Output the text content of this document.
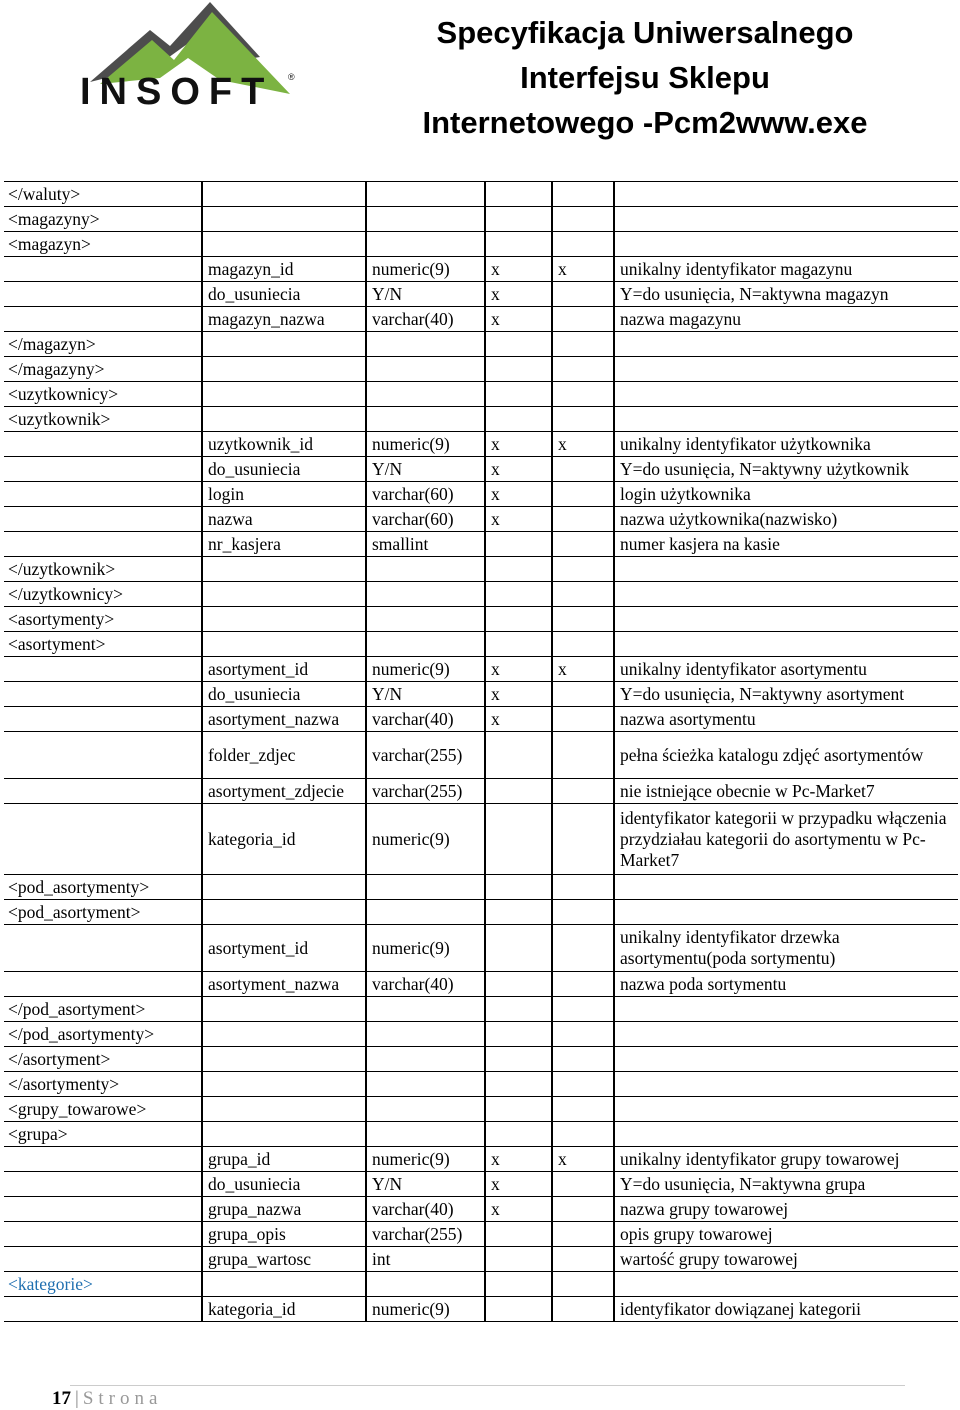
INSOFT ®
Specyfikacja Uniwersalnego
Interfejsu Sklepu
Internetowego -Pcm2www.exe
</waluty>					
<magazyny>					
<magazyn>					
	magazyn_id	numeric(9)	x	x	unikalny identyfikator magazynu
	do_usuniecia	Y/N	x		Y=do usunięcia, N=aktywna magazyn
	magazyn_nazwa	varchar(40)	x		nazwa magazynu
</magazyn>					
</magazyny>					
<uzytkownicy>					
<uzytkownik>					
	uzytkownik_id	numeric(9)	x	x	unikalny identyfikator użytkownika
	do_usuniecia	Y/N	x		Y=do usunięcia, N=aktywny użytkownik
	login	varchar(60)	x		login użytkownika
	nazwa	varchar(60)	x		nazwa użytkownika(nazwisko)
	nr_kasjera	smallint			numer kasjera na kasie
</uzytkownik>					
</uzytkownicy>					
<asortymenty>					
<asortyment>					
	asortyment_id	numeric(9)	x	x	unikalny identyfikator asortymentu
	do_usuniecia	Y/N	x		Y=do usunięcia, N=aktywny asortyment
	asortyment_nazwa	varchar(40)	x		nazwa asortymentu
	folder_zdjec	varchar(255)			pełna ścieżka katalogu zdjęć asortymentów
	asortyment_zdjecie	varchar(255)			nie istniejące obecnie w Pc-Market7
	kategoria_id	numeric(9)			identyfikator kategorii w przypadku włączenia przydziałau kategorii do asortymentu w Pc-Market7
<pod_asortymenty>					
<pod_asortyment>					
	asortyment_id	numeric(9)			unikalny identyfikator drzewka asortymentu(poda sortymentu)
	asortyment_nazwa	varchar(40)			nazwa poda sortymentu
</pod_asortyment>					
</pod_asortymenty>					
</asortyment>					
</asortymenty>					
<grupy_towarowe>					
<grupa>					
	grupa_id	numeric(9)	x	x	unikalny identyfikator grupy towarowej
	do_usuniecia	Y/N	x		Y=do usunięcia, N=aktywna grupa
	grupa_nazwa	varchar(40)	x		nazwa grupy towarowej
	grupa_opis	varchar(255)			opis grupy towarowej
	grupa_wartosc	int			wartość grupy towarowej
<kategorie>					
	kategoria_id	numeric(9)			identyfikator dowiązanej kategorii
17 | Strona
